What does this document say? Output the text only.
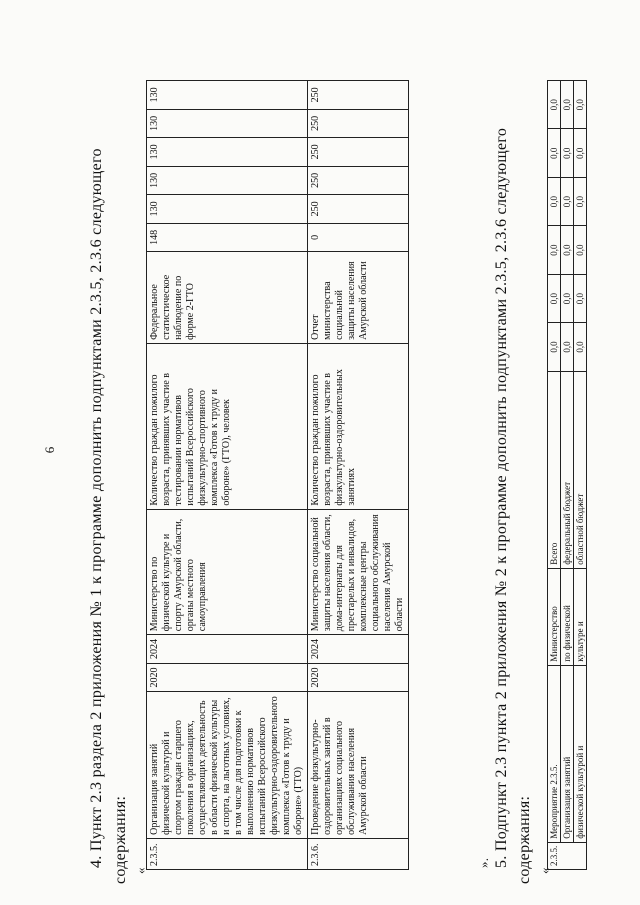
6 4. Пункт 2.3 раздела 2 приложения № 1 к программе дополнить подпунктами 2.3.5, 2.3.6 следующего содержания: «
2.3.5.	Организация занятий физической культурой и спортом граждан старшего поколения в организациях, осуществляющих деятельность в области физической культуры и спорта, на льготных условиях, в том числе для подготовки к выполнению нормативов испытаний Всероссийского физкультурно-оздоровительного комплекса «Готов к труду и обороне» (ГТО)	2020	2024	Министерство по физической культуре и спорту Амурской области, органы местного самоуправления	Количество граждан пожилого возраста, принявших участие в тестировании нормативов испытаний Всероссийского физкультурно-спортивного комплекса «Готов к труду и обороне» (ГТО), человек	Федеральное статистическое наблюдение по форме 2-ГТО	148	130	130	130	130	130
2.3.6.	Проведение физкультурно-оздоровительных занятий в организациях социального обслуживания населения Амурской области	2020	2024	Министерство социальной защиты населения области, дома-интернаты для престарелых и инвалидов, комплексные центры социального обслуживания населения Амурской области	Количество граждан пожилого возраста, принявших участие в физкультурно-оздоровительных занятиях	Отчет министерства социальной защиты населения Амурской области	0	250	250	250	250	250
». 5. Подпункт 2.3 пункта 2 приложения № 2 к программе дополнить подпунктами 2.3.5, 2.3.6 следующего содержания: «
2.3.5.	Мероприятие 2.3.5.	Министерство	Всего	0,0	0,0	0,0	0,0	0,0	0,0
	Организация занятий	по физической	федеральный бюджет	0,0	0,0	0,0	0,0	0,0	0,0
	физической культурой и	культуре и	областной бюджет	0,0	0,0	0,0	0,0	0,0	0,0
